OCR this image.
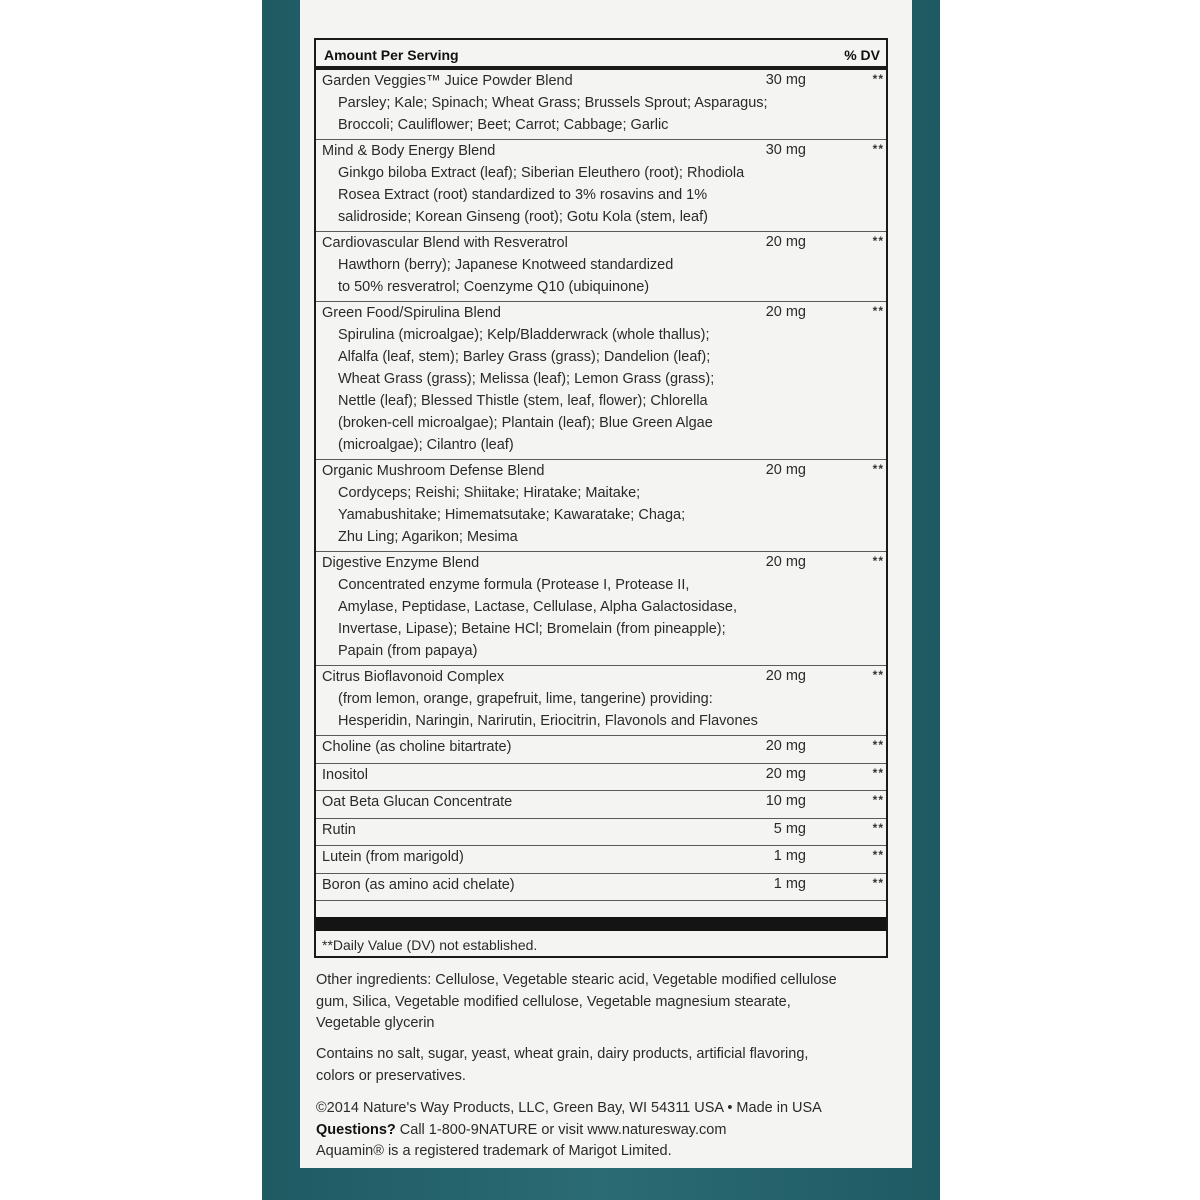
Amount Per Serving	% DV
Garden Veggies™ Juice Powder Blend	30 mg	**
Parsley; Kale; Spinach; Wheat Grass; Brussels Sprout; Asparagus;
Broccoli; Cauliflower; Beet; Carrot; Cabbage; Garlic
Mind & Body Energy Blend	30 mg	**
Ginkgo biloba Extract (leaf); Siberian Eleuthero (root); Rhodiola
Rosea Extract (root) standardized to 3% rosavins and 1%
salidroside; Korean Ginseng (root); Gotu Kola (stem, leaf)
Cardiovascular Blend with Resveratrol	20 mg	**
Hawthorn (berry); Japanese Knotweed standardized
to 50% resveratrol; Coenzyme Q10 (ubiquinone)
Green Food/Spirulina Blend	20 mg	**
Spirulina (microalgae); Kelp/Bladderwrack (whole thallus);
Alfalfa (leaf, stem); Barley Grass (grass); Dandelion (leaf);
Wheat Grass (grass); Melissa (leaf); Lemon Grass (grass);
Nettle (leaf); Blessed Thistle (stem, leaf, flower); Chlorella
(broken-cell microalgae); Plantain (leaf); Blue Green Algae
(microalgae); Cilantro (leaf)
Organic Mushroom Defense Blend	20 mg	**
Cordyceps; Reishi; Shiitake; Hiratake; Maitake;
Yamabushitake; Himematsutake; Kawaratake; Chaga;
Zhu Ling; Agarikon; Mesima
Digestive Enzyme Blend	20 mg	**
Concentrated enzyme formula (Protease I, Protease II,
Amylase, Peptidase, Lactase, Cellulase, Alpha Galactosidase,
Invertase, Lipase); Betaine HCl; Bromelain (from pineapple);
Papain (from papaya)
Citrus Bioflavonoid Complex	20 mg	**
(from lemon, orange, grapefruit, lime, tangerine) providing:
Hesperidin, Naringin, Narirutin, Eriocitrin, Flavonols and Flavones
Choline (as choline bitartrate)	20 mg	**
Inositol	20 mg	**
Oat Beta Glucan Concentrate	10 mg	**
Rutin	5 mg	**
Lutein (from marigold)	1 mg	**
Boron (as amino acid chelate)	1 mg	**
**Daily Value (DV) not established.
Other ingredients: Cellulose, Vegetable stearic acid, Vegetable modified cellulose
gum, Silica, Vegetable modified cellulose, Vegetable magnesium stearate,
Vegetable glycerin
Contains no salt, sugar, yeast, wheat grain, dairy products, artificial flavoring,
colors or preservatives.
©2014 Nature's Way Products, LLC, Green Bay, WI 54311 USA • Made in USA
Questions? Call 1-800-9NATURE or visit www.naturesway.com
Aquamin® is a registered trademark of Marigot Limited.
